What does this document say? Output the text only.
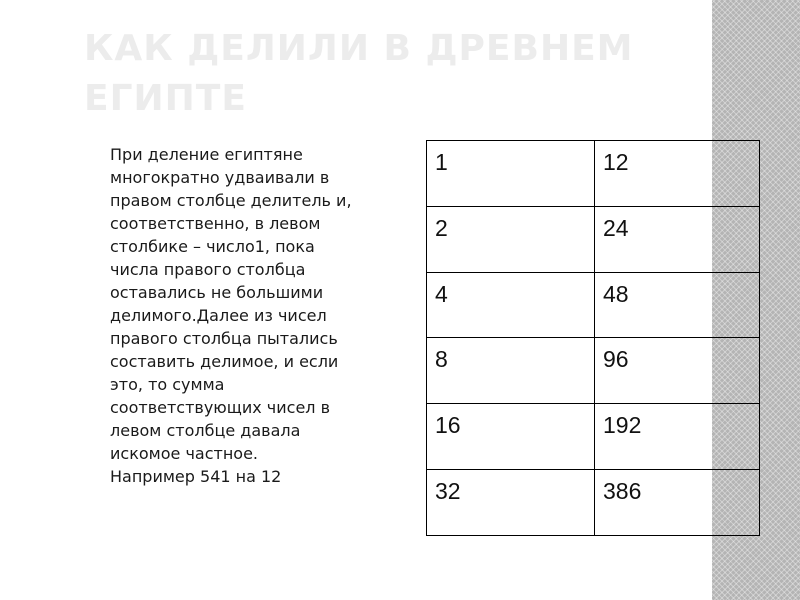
КАК ДЕЛИЛИ В ДРЕВНЕМ ЕГИПТЕ

При деление египтяне
многократно удваивали в
правом столбце делитель и,
соответственно, в левом
столбике – число1, пока
числа правого столбца
оставались не большими
делимого.Далее из чисел
правого столбца пытались
составить делимое, и если
это, то сумма
соответствующих чисел в
левом столбце давала
искомое частное.
Например 541 на 12

1	12
2	24
4	48
8	96
16	192
32	386
